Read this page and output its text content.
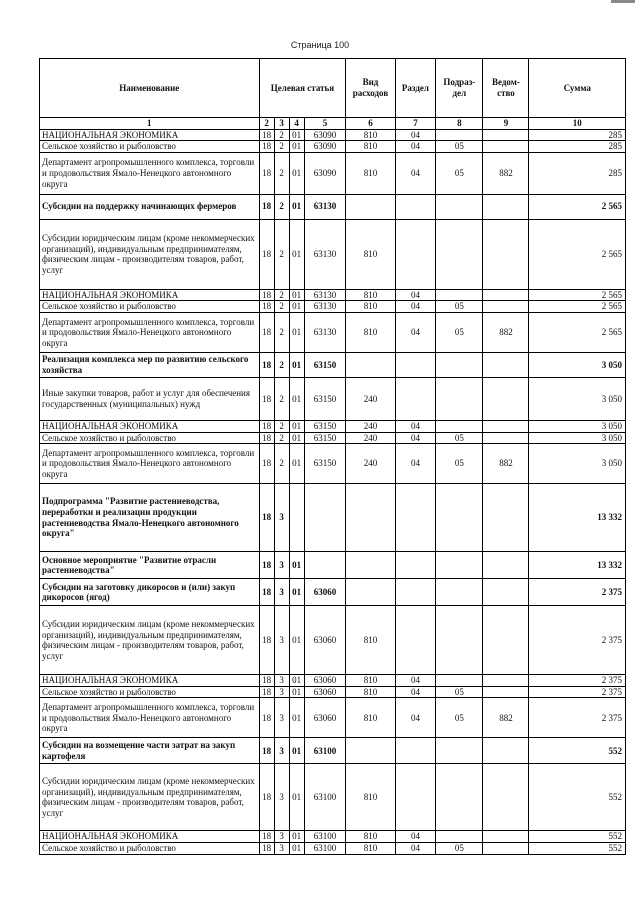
Страница 100
Наименование	Целевая статья				Вид расходов	Раздел	Подраз-дел	Ведом-ство	Сумма
1	2	3	4	5	6	7	8	9	10
НАЦИОНАЛЬНАЯ ЭКОНОМИКА	18	2	01	63090	810	04			285
Сельское хозяйство и рыболовство	18	2	01	63090	810	04	05		285
Департамент агропромышленного комплекса, торговли и продовольствия Ямало-Ненецкого автономного округа	18	2	01	63090	810	04	05	882	285
Субсидии на поддержку начинающих фермеров	18	2	01	63130					2 565
Субсидии юридическим лицам (кроме некоммерческих организаций), индивидуальным предпринимателям, физическим лицам - производителям товаров, работ, услуг	18	2	01	63130	810				2 565
НАЦИОНАЛЬНАЯ ЭКОНОМИКА	18	2	01	63130	810	04			2 565
Сельское хозяйство и рыболовство	18	2	01	63130	810	04	05		2 565
Департамент агропромышленного комплекса, торговли и продовольствия Ямало-Ненецкого автономного округа	18	2	01	63130	810	04	05	882	2 565
Реализация комплекса мер по развитию сельского хозяйства	18	2	01	63150					3 050
Иные закупки товаров, работ и услуг для обеспечения государственных (муниципальных) нужд	18	2	01	63150	240				3 050
НАЦИОНАЛЬНАЯ ЭКОНОМИКА	18	2	01	63150	240	04			3 050
Сельское хозяйство и рыболовство	18	2	01	63150	240	04	05		3 050
Департамент агропромышленного комплекса, торговли и продовольствия Ямало-Ненецкого автономного округа	18	2	01	63150	240	04	05	882	3 050
Подпрограмма "Развитие растениеводства, переработки и реализации продукции растениеводства Ямало-Ненецкого автономного округа"	18	3							13 332
Основное мероприятие "Развитие отрасли растениеводства"	18	3	01						13 332
Субсидии на заготовку дикоросов и (или) закуп дикоросов (ягод)	18	3	01	63060					2 375
Субсидии юридическим лицам (кроме некоммерческих организаций), индивидуальным предпринимателям, физическим лицам - производителям товаров, работ, услуг	18	3	01	63060	810				2 375
НАЦИОНАЛЬНАЯ ЭКОНОМИКА	18	3	01	63060	810	04			2 375
Сельское хозяйство и рыболовство	18	3	01	63060	810	04	05		2 375
Департамент агропромышленного комплекса, торговли и продовольствия Ямало-Ненецкого автономного округа	18	3	01	63060	810	04	05	882	2 375
Субсидии на возмещение части затрат на закуп картофеля	18	3	01	63100					552
Субсидии юридическим лицам (кроме некоммерческих организаций), индивидуальным предпринимателям, физическим лицам - производителям товаров, работ, услуг	18	3	01	63100	810				552
НАЦИОНАЛЬНАЯ ЭКОНОМИКА	18	3	01	63100	810	04			552
Сельское хозяйство и рыболовство	18	3	01	63100	810	04	05		552
